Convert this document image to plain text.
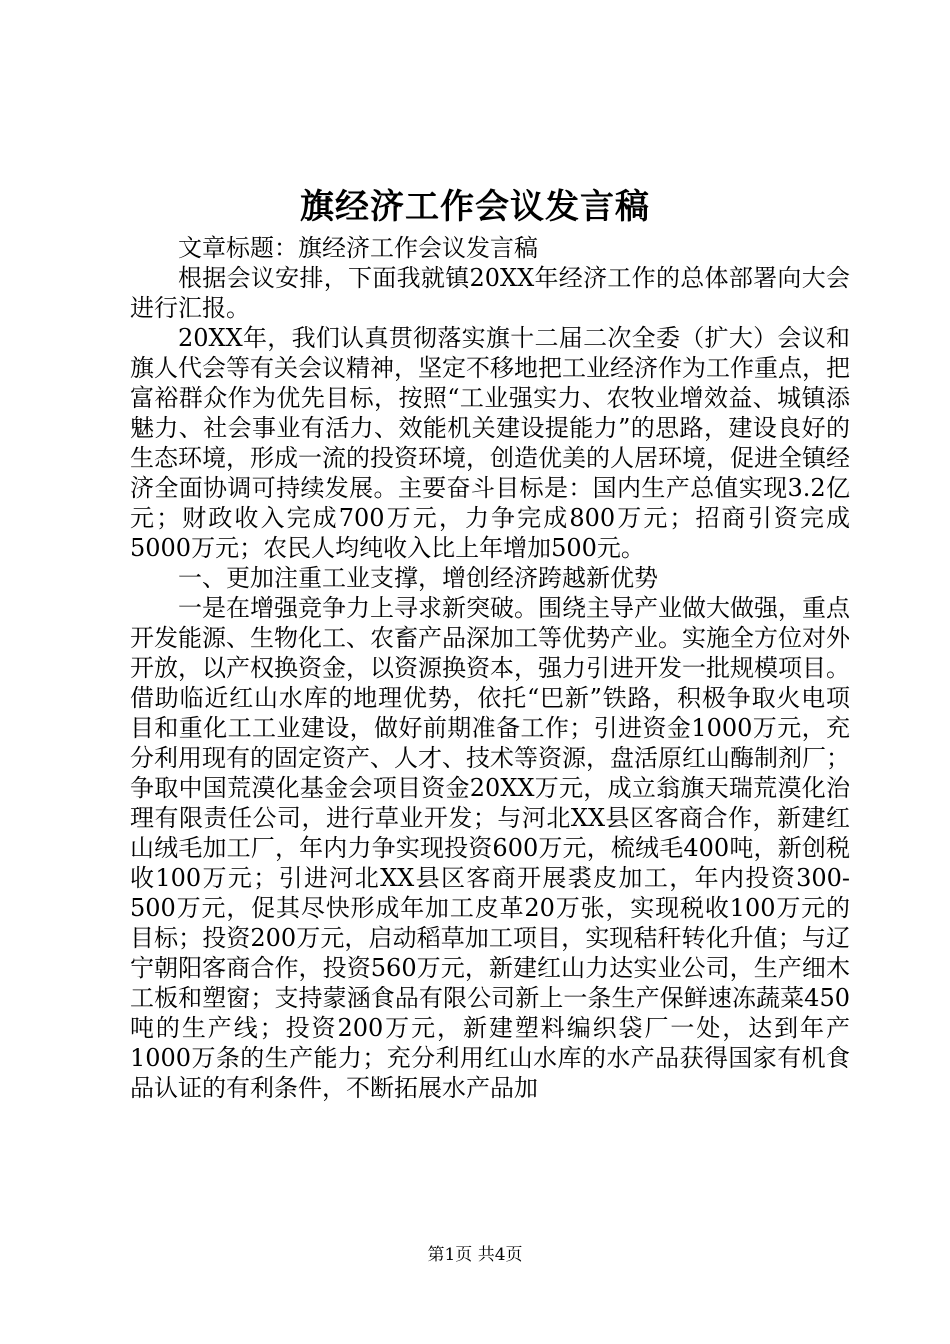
旗经济工作会议发言稿

文章标题：旗经济工作会议发言稿

根据会议安排，下面我就镇20XX年经济工作的总体部署向大会进行汇报。

20XX年，我们认真贯彻落实旗十二届二次全委（扩大）会议和旗人代会等有关会议精神，坚定不移地把工业经济作为工作重点，把富裕群众作为优先目标，按照“工业强实力、农牧业增效益、城镇添魅力、社会事业有活力、效能机关建设提能力”的思路，建设良好的生态环境，形成一流的投资环境，创造优美的人居环境，促进全镇经济全面协调可持续发展。主要奋斗目标是：国内生产总值实现3.2亿元；财政收入完成700万元，力争完成800万元；招商引资完成5000万元；农民人均纯收入比上年增加500元。

一、更加注重工业支撑，增创经济跨越新优势

一是在增强竞争力上寻求新突破。围绕主导产业做大做强，重点开发能源、生物化工、农畜产品深加工等优势产业。实施全方位对外开放，以产权换资金，以资源换资本，强力引进开发一批规模项目。借助临近红山水库的地理优势，依托“巴新”铁路，积极争取火电项目和重化工工业建设，做好前期准备工作；引进资金1000万元，充分利用现有的固定资产、人才、技术等资源，盘活原红山酶制剂厂；争取中国荒漠化基金会项目资金20XX万元，成立翁旗天瑞荒漠化治理有限责任公司，进行草业开发；与河北XX县区客商合作，新建红山绒毛加工厂，年内力争实现投资600万元，梳绒毛400吨，新创税收100万元；引进河北XX县区客商开展裘皮加工，年内投资300-500万元，促其尽快形成年加工皮革20万张，实现税收100万元的目标；投资200万元，启动稻草加工项目，实现秸秆转化升值；与辽宁朝阳客商合作，投资560万元，新建红山力达实业公司，生产细木工板和塑窗；支持蒙涵食品有限公司新上一条生产保鲜速冻蔬菜450吨的生产线；投资200万元，新建塑料编织袋厂一处，达到年产1000万条的生产能力；充分利用红山水库的水产品获得国家有机食品认证的有利条件，不断拓展水产品加

第1页 共4页
